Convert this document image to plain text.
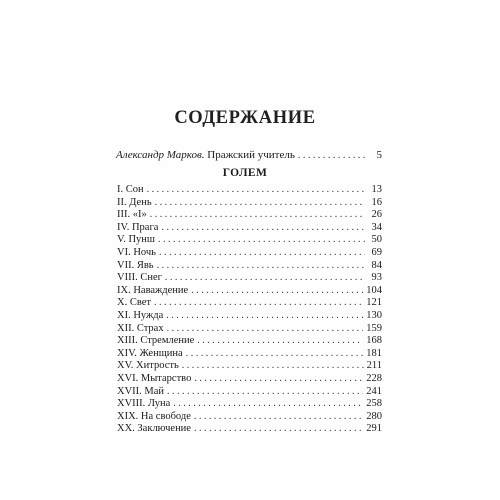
СОДЕРЖАНИЕ
Александр Марков.
Пражский учитель . . .	5
ГОЛЕМ
I. Сон . . .	13
II. День . . .	16
III. «I» . . .	26
IV. Прага . . .	34
V. Пунш . . .	50
VI. Ночь . . .	69
VII. Явь . . .	84
VIII. Снег . . .	93
IX. Наваждение . . .	104
X. Свет . . .	121
XI. Нужда . . .	130
XII. Страх . . .	159
XIII. Стремление . . .	168
XIV. Женщина . . .	181
XV. Хитрость . . .	211
XVI. Мытарство . . .	228
XVII. Май . . .	241
XVIII. Луна . . .	258
XIX. На свободе . . .	280
XX. Заключение . . .	291
